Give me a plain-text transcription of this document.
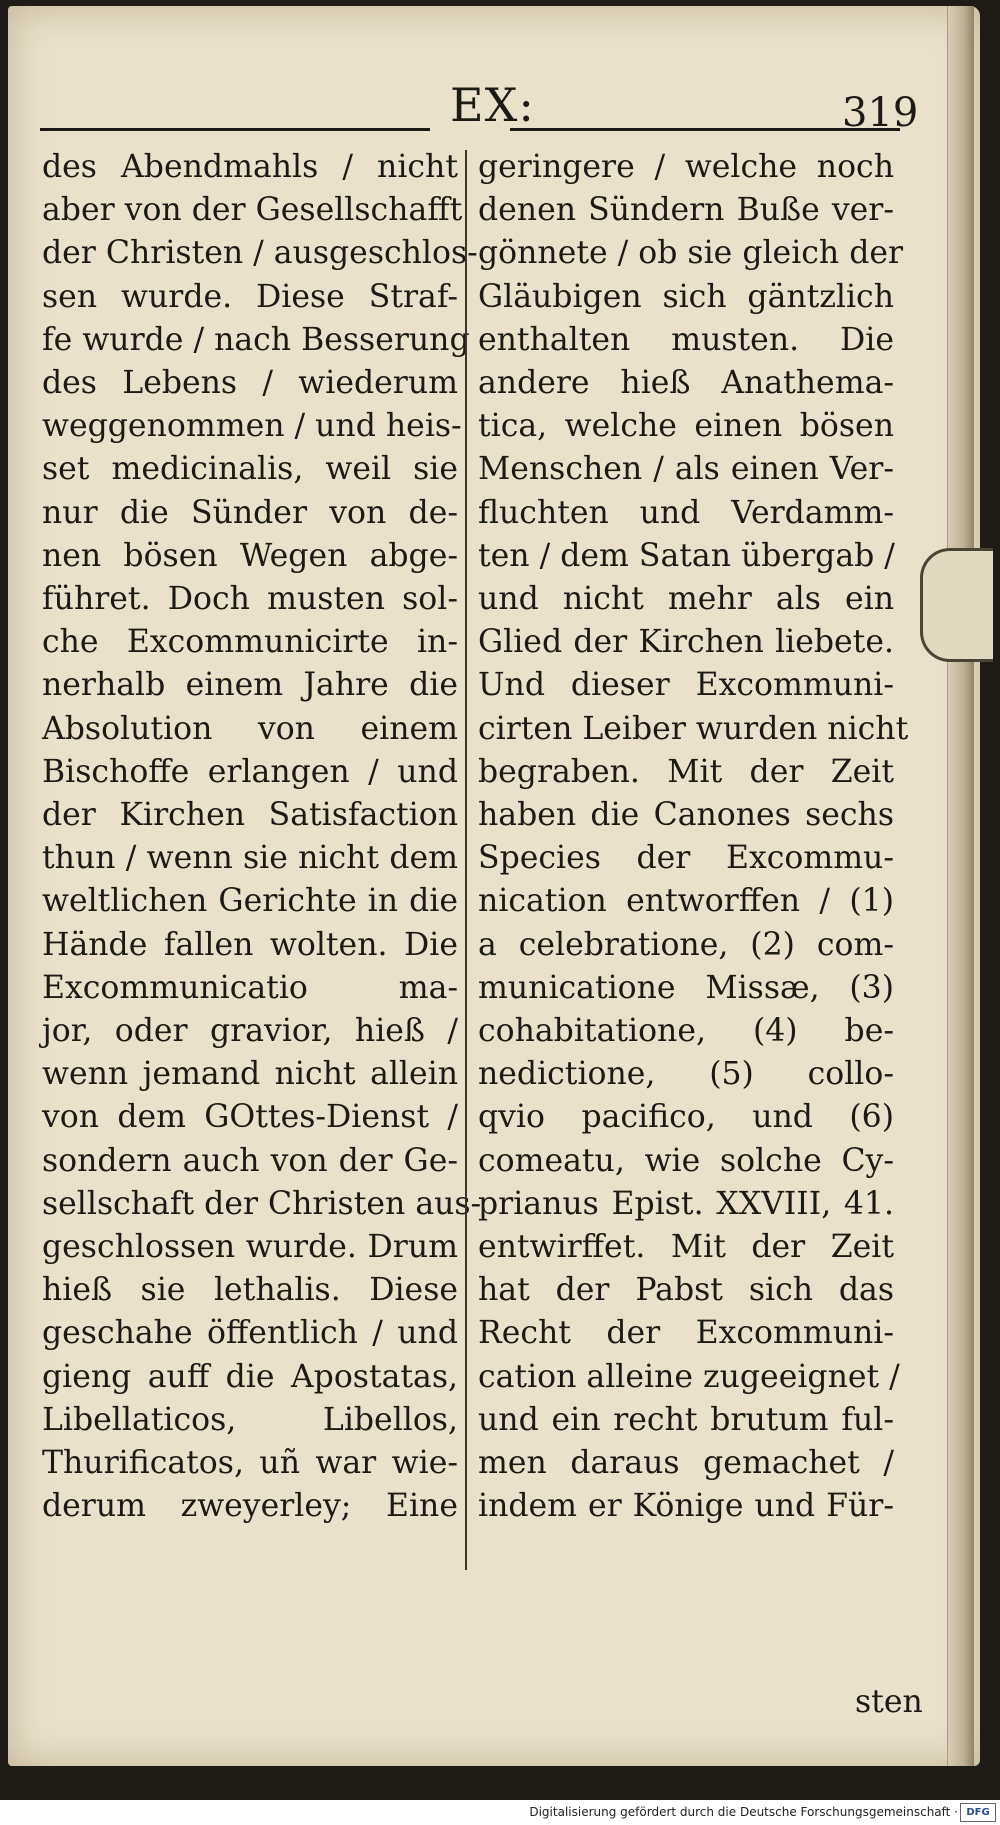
EX:	319
des Abendmahls / nicht
aber von der Gesellschafft
der Christen / ausgeschlos-
sen wurde. Diese Straf-
fe wurde / nach Besserung
des Lebens / wiederum
weggenommen / und heis-
set medicinalis, weil sie
nur die Sünder von de-
nen bösen Wegen abge-
führet. Doch musten sol-
che Excommunicirte in-
nerhalb einem Jahre die
Absolution von einem
Bischoffe erlangen / und
der Kirchen Satisfaction
thun / wenn sie nicht dem
weltlichen Gerichte in die
Hände fallen wolten. Die
Excommunicatio ma-
jor, oder gravior, hieß /
wenn jemand nicht allein
von dem GOttes-Dienst /
sondern auch von der Ge-
sellschaft der Christen aus-
geschlossen wurde. Drum
hieß sie lethalis. Diese
geschahe öffentlich / und
gieng auff die Apostatas,
Libellaticos, Libellos,
Thurificatos, uñ war wie-
derum zweyerley; Eine
geringere / welche noch
denen Sündern Buße ver-
gönnete / ob sie gleich der
Gläubigen sich gäntzlich
enthalten musten. Die
andere hieß Anathema-
tica, welche einen bösen
Menschen / als einen Ver-
fluchten und Verdamm-
ten / dem Satan übergab /
und nicht mehr als ein
Glied der Kirchen liebete.
Und dieser Excommuni-
cirten Leiber wurden nicht
begraben. Mit der Zeit
haben die Canones sechs
Species der Excommu-
nication entworffen / (1)
a celebratione, (2) com-
municatione Missæ, (3)
cohabitatione, (4) be-
nedictione, (5) collo-
qvio pacifico, und (6)
comeatu, wie solche Cy-
prianus Epist. XXVIII, 41.
entwirffet. Mit der Zeit
hat der Pabst sich das
Recht der Excommuni-
cation alleine zugeeignet /
und ein recht brutum ful-
men daraus gemachet /
indem er Könige und Für-
sten
Digitalisierung gefördert durch die Deutsche Forschungsgemeinschaft · DFG
